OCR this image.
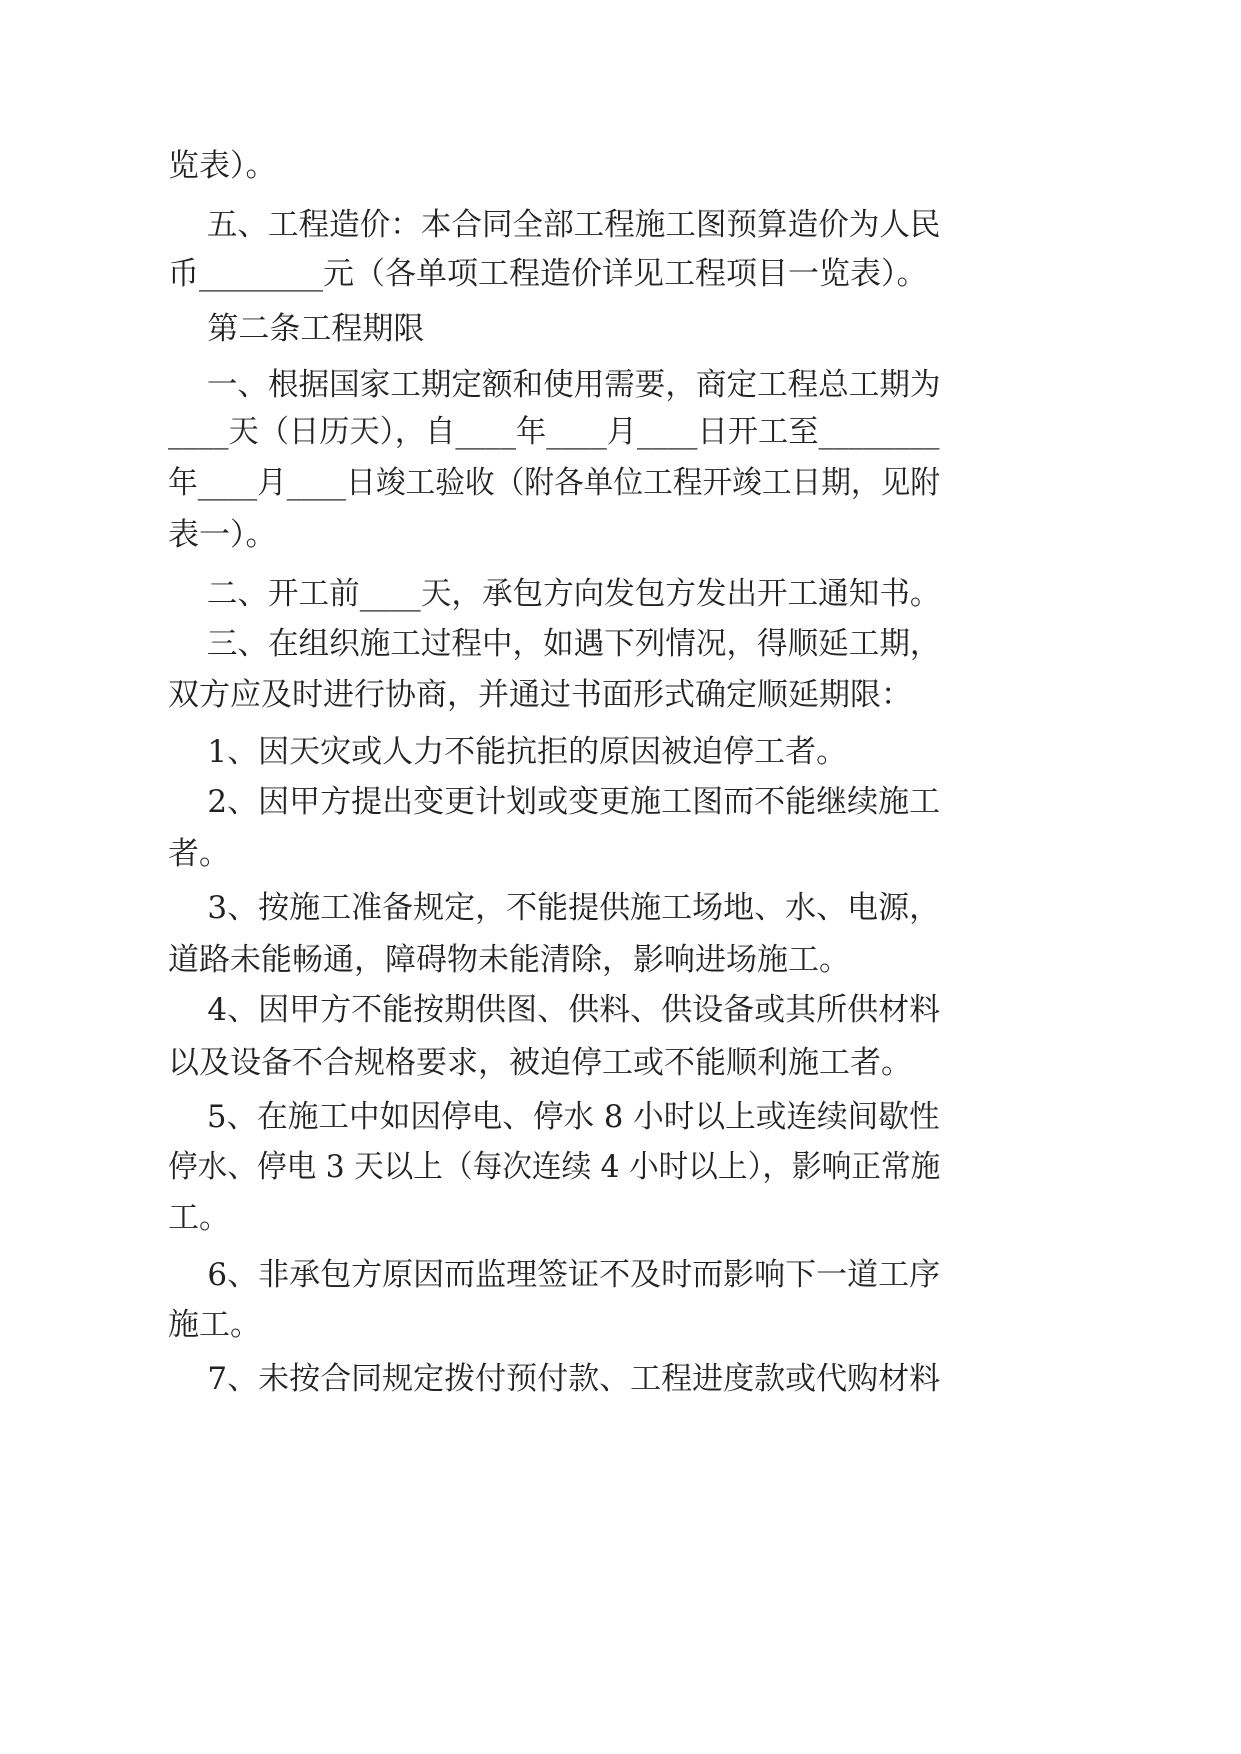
览表）。
五、工程造价：本合同全部工程施工图预算造价为人民
币________元（各单项工程造价详见工程项目一览表）。
第二条工程期限
一、根据国家工期定额和使用需要，商定工程总工期为
____天（日历天），自____年____月____日开工至________
年____月____日竣工验收（附各单位工程开竣工日期，见附
表一）。
二、开工前____天，承包方向发包方发出开工通知书。
三、在组织施工过程中，如遇下列情况，得顺延工期，
双方应及时进行协商，并通过书面形式确定顺延期限：
1、因天灾或人力不能抗拒的原因被迫停工者。
2、因甲方提出变更计划或变更施工图而不能继续施工
者。
3、按施工准备规定，不能提供施工场地、水、电源，
道路未能畅通，障碍物未能清除，影响进场施工。
4、因甲方不能按期供图、供料、供设备或其所供材料
以及设备不合规格要求，被迫停工或不能顺利施工者。
5、在施工中如因停电、停水 8 小时以上或连续间歇性
停水、停电 3 天以上（每次连续 4 小时以上），影响正常施
工。
6、非承包方原因而监理签证不及时而影响下一道工序
施工。
7、未按合同规定拨付预付款、工程进度款或代购材料
